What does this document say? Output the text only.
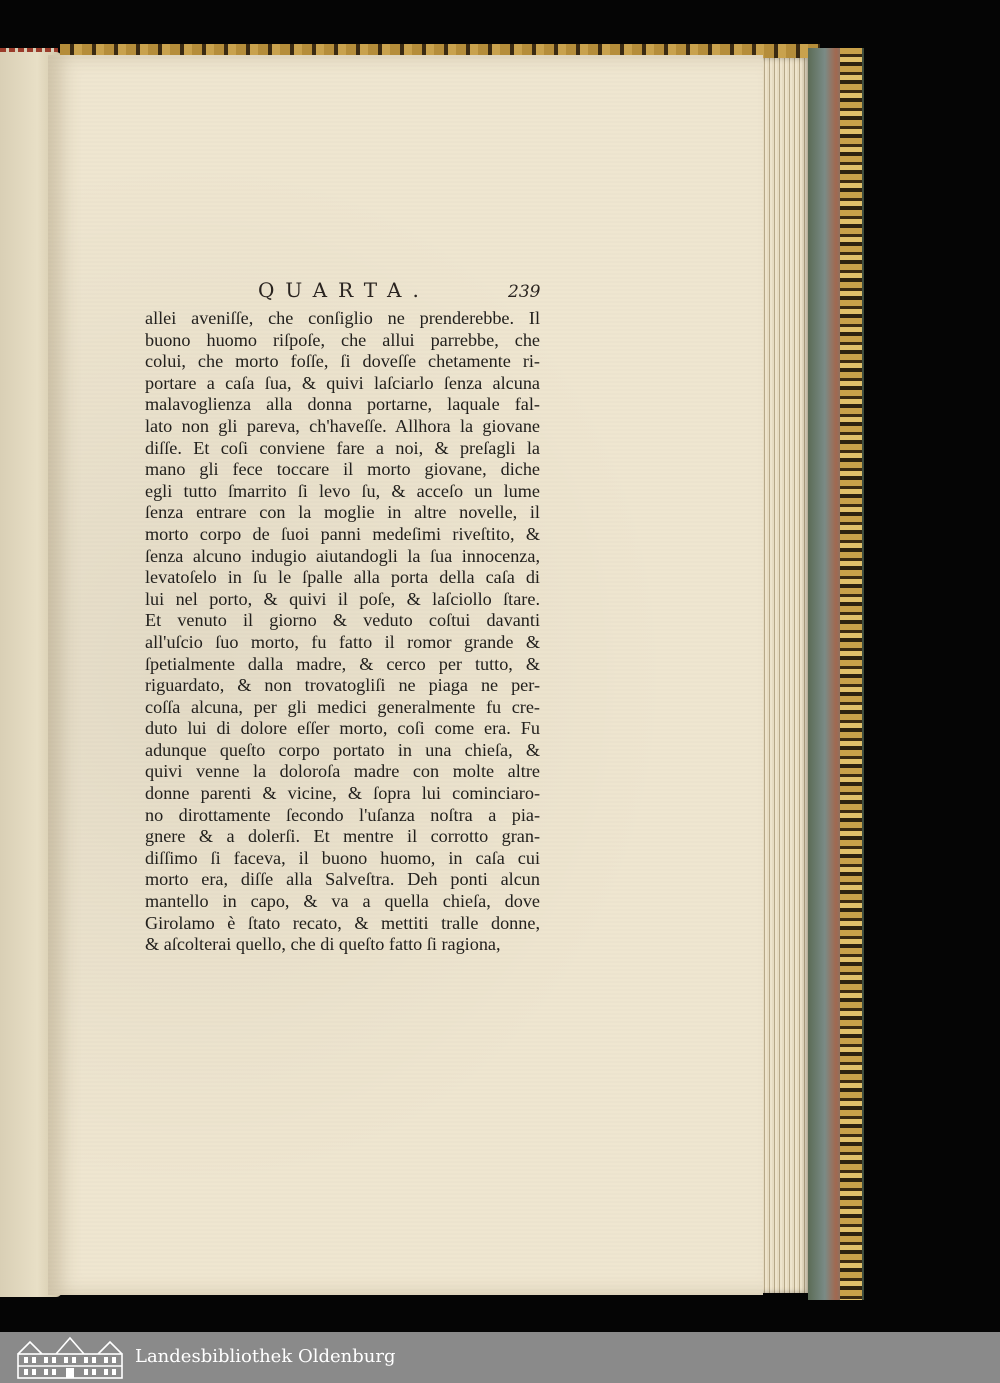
QUARTA.	239
allei aveniſſe, che conſiglio ne prenderebbe. Il
buono huomo riſpoſe, che allui parrebbe, che
colui, che morto foſſe, ſi doveſſe chetamente ri-
portare a caſa ſua, & quivi laſciarlo ſenza alcuna
malavoglienza alla donna portarne, laquale fal-
lato non gli pareva, ch'haveſſe. Allhora la giovane
diſſe. Et coſi conviene fare a noi, & preſagli la
mano gli fece toccare il morto giovane, diche
egli tutto ſmarrito ſi levo ſu, & acceſo un lume
ſenza entrare con la moglie in altre novelle, il
morto corpo de ſuoi panni medeſimi riveſtito, &
ſenza alcuno indugio aiutandogli la ſua innocenza,
levatoſelo in ſu le ſpalle alla porta della caſa di
lui nel porto, & quivi il poſe, & laſciollo ſtare.
Et venuto il giorno & veduto coſtui davanti
all'uſcio ſuo morto, fu fatto il romor grande &
ſpetialmente dalla madre, & cerco per tutto, &
riguardato, & non trovatogliſi ne piaga ne per-
coſſa alcuna, per gli medici generalmente fu cre-
duto lui di dolore eſſer morto, coſi come era. Fu
adunque queſto corpo portato in una chieſa, &
quivi venne la doloroſa madre con molte altre
donne parenti & vicine, & ſopra lui cominciaro-
no dirottamente ſecondo l'uſanza noſtra a pia-
gnere & a dolerſi. Et mentre il corrotto gran-
diſſimo ſi faceva, il buono huomo, in caſa cui
morto era, diſſe alla Salveſtra. Deh ponti alcun
mantello in capo, & va a quella chieſa, dove
Girolamo è ſtato recato, & mettiti tralle donne,
& aſcolterai quello, che di queſto fatto ſi ragiona,
Landesbibliothek Oldenburg
